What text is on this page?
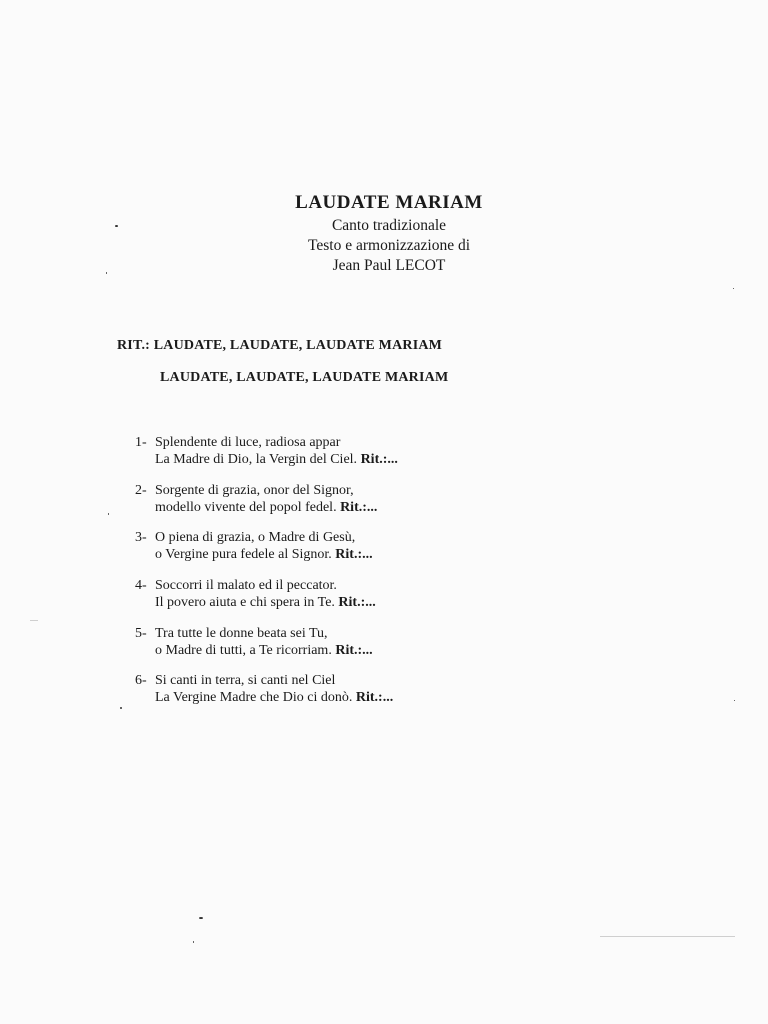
LAUDATE MARIAM
Canto tradizionale
Testo e armonizzazione di
Jean Paul LECOT
RIT.: LAUDATE, LAUDATE, LAUDATE MARIAM
LAUDATE, LAUDATE, LAUDATE MARIAM
1- Splendente di luce, radiosa appar
La Madre di Dio, la Vergin del Ciel. Rit.:...
2- Sorgente di grazia, onor del Signor,
modello vivente del popol fedel. Rit.:...
3- O piena di grazia, o Madre di Gesù,
o Vergine pura fedele al Signor. Rit.:...
4- Soccorri il malato ed il peccator.
Il povero aiuta e chi spera in Te. Rit.:...
5- Tra tutte le donne beata sei Tu,
o Madre di tutti, a Te ricorriam. Rit.:...
6- Si canti in terra, si canti nel Ciel
La Vergine Madre che Dio ci donò. Rit.:...
